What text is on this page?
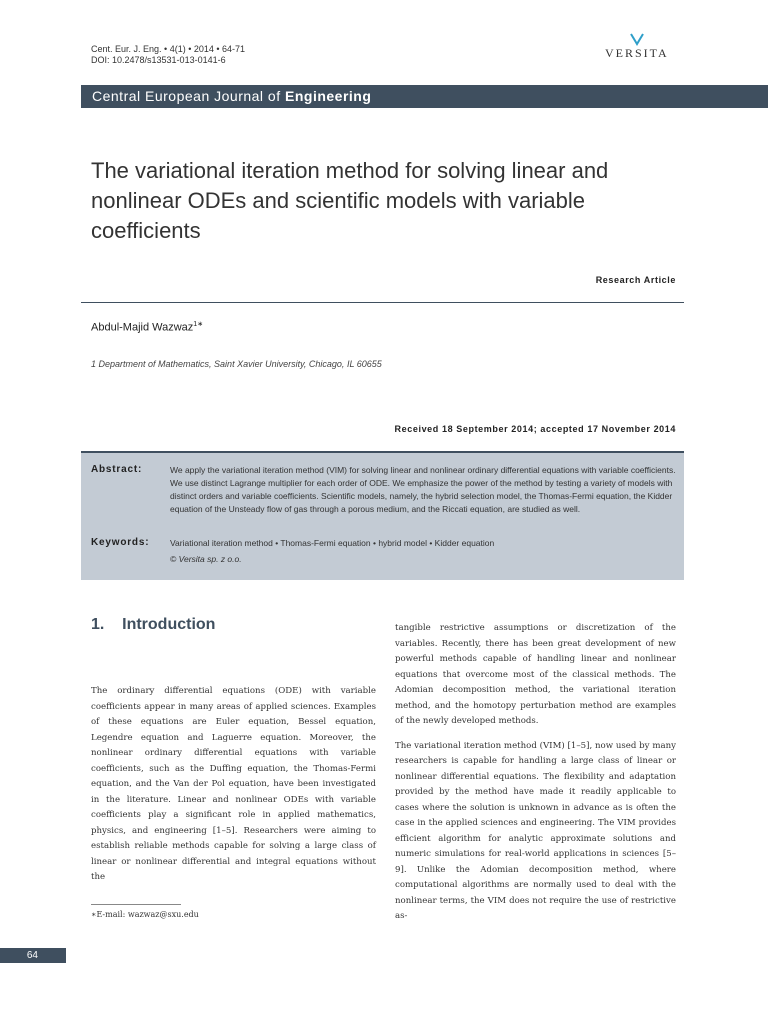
Cent. Eur. J. Eng. • 4(1) • 2014 • 64-71
DOI: 10.2478/s13531-013-0141-6	VERSITA
Central European Journal of Engineering
The variational iteration method for solving linear and nonlinear ODEs and scientific models with variable coefficients
Research Article
Abdul-Majid Wazwaz$^{1∗}$
1 Department of Mathematics, Saint Xavier University, Chicago, IL 60655
Received 18 September 2014; accepted 17 November 2014
Abstract:	We apply the variational iteration method (VIM) for solving linear and nonlinear ordinary differential equations with variable coefficients. We use distinct Lagrange multiplier for each order of ODE. We emphasize the power of the method by testing a variety of models with distinct orders and variable coefficients. Scientific models, namely, the hybrid selection model, the Thomas-Fermi equation, the Kidder equation of the Unsteady flow of gas through a porous medium, and the Riccati equation, are studied as well.
Keywords: Variational iteration method • Thomas-Fermi equation • hybrid model • Kidder equation
© Versita sp. z o.o.
1.    Introduction

The ordinary differential equations (ODE) with variable coefficients appear in many areas of applied sciences. Examples of these equations are Euler equation, Bessel equation, Legendre equation and Laguerre equation. Moreover, the nonlinear ordinary differential equations with variable coefficients, such as the Duffing equation, the Thomas-Fermi equation, and the Van der Pol equation, have been investigated in the literature. Linear and nonlinear ODEs with variable coefficients play a significant role in applied mathematics, physics, and engineering [1–5]. Researchers were aiming to establish reliable methods capable for solving a large class of linear or nonlinear differential and integral equations without the

tangible restrictive assumptions or discretization of the variables. Recently, there has been great development of new powerful methods capable of handling linear and nonlinear equations that overcome most of the classical methods. The Adomian decomposition method, the variational iteration method, and the homotopy perturbation method are examples of the newly developed methods.

The variational iteration method (VIM) [1–5], now used by many researchers is capable for handling a large class of linear or nonlinear differential equations. The flexibility and adaptation provided by the method have made it readily applicable to cases where the solution is unknown in advance as is often the case in the applied sciences and engineering. The VIM provides efficient algorithm for analytic approximate solutions and numeric simulations for real-world applications in sciences [5–9]. Unlike the Adomian decomposition method, where computational algorithms are normally used to deal with the nonlinear terms, the VIM does not require the use of restrictive as-

∗E-mail: wazwaz@sxu.edu
64
